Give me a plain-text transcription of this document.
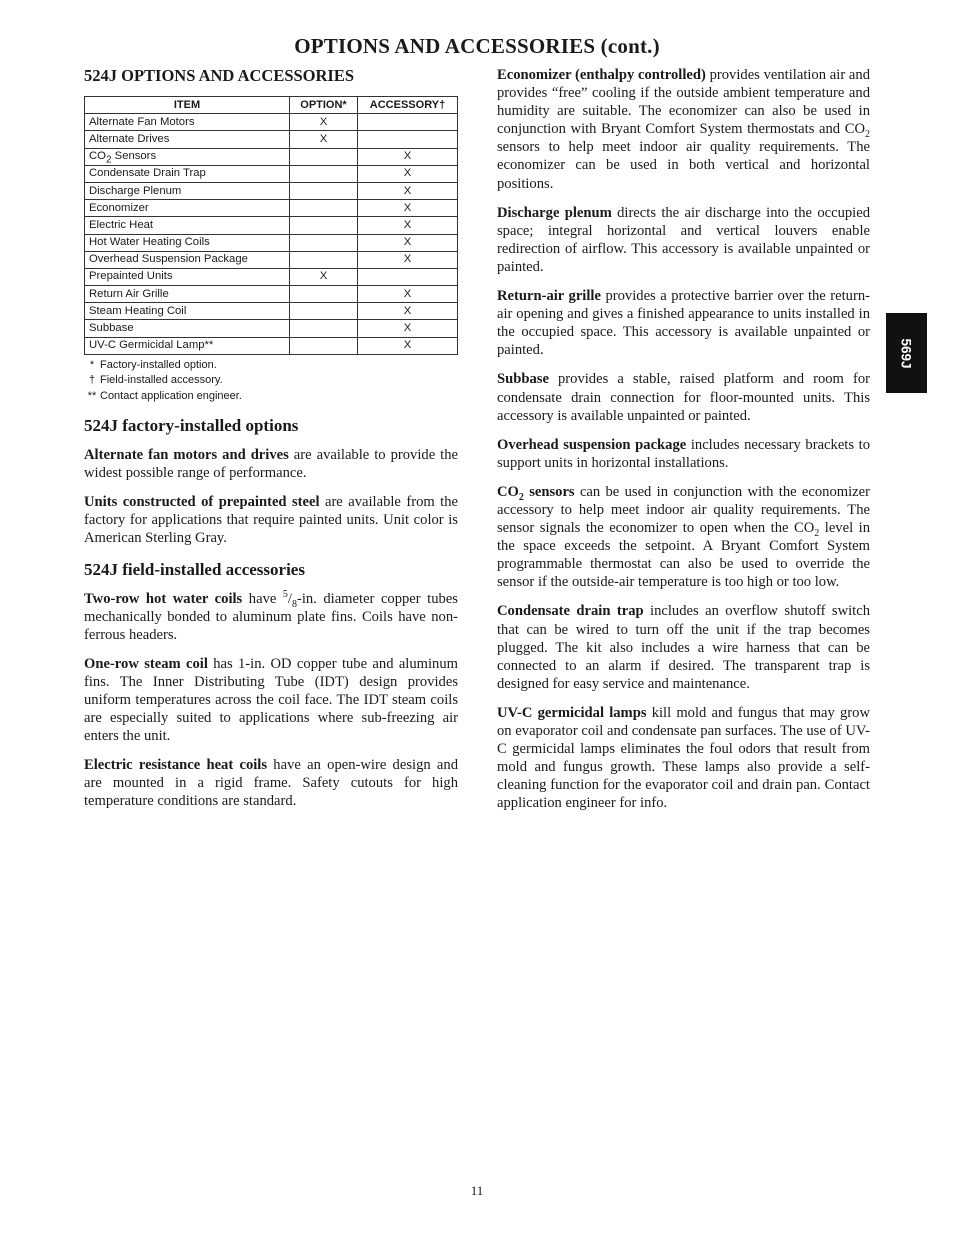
OPTIONS AND ACCESSORIES (cont.)
524J OPTIONS AND ACCESSORIES
ITEM	OPTION*	ACCESSORY†
Alternate Fan Motors	X	
Alternate Drives	X	
$CO_2$ Sensors		X
Condensate Drain Trap		X
Discharge Plenum		X
Economizer		X
Electric Heat		X
Hot Water Heating Coils		X
Overhead Suspension Package		X
Prepainted Units	X	
Return Air Grille		X
Steam Heating Coil		X
Subbase		X
UV-C Germicidal Lamp**		X
* Factory-installed option.
† Field-installed accessory.
** Contact application engineer.
524J factory-installed options

Alternate fan motors and drives are available to provide the widest possible range of performance.

Units constructed of prepainted steel are available from the factory for applications that require painted units. Unit color is American Sterling Gray.

524J field-installed accessories

Two-row hot water coils have $^5/_8-in$. diameter copper tubes mechanically bonded to aluminum plate fins. Coils have non-ferrous headers.

One-row steam coil has 1-in. OD copper tube and aluminum fins. The Inner Distributing Tube (IDT) design provides uniform temperatures across the coil face. The IDT steam coils are especially suited to applications where sub-freezing air enters the unit.

Electric resistance heat coils have an open-wire design and are mounted in a rigid frame. Safety cutouts for high temperature conditions are standard.

Economizer (enthalpy controlled) provides ventilation air and provides “free” cooling if the outside ambient temperature and humidity are suitable. The economizer can also be used in conjunction with Bryant Comfort System thermostats and $CO_2$ sensors to help meet indoor air quality requirements. The economizer can be used in both vertical and horizontal positions.

Discharge plenum directs the air discharge into the occupied space; integral horizontal and vertical louvers enable redirection of airflow. This accessory is available unpainted or painted.

Return-air grille provides a protective barrier over the return-air opening and gives a finished appearance to units installed in the occupied space. This accessory is available unpainted or painted.

Subbase provides a stable, raised platform and room for condensate drain connection for floor-mounted units. This accessory is available unpainted or painted.

Overhead suspension package includes necessary brackets to support units in horizontal installations.

$CO_2$ sensors can be used in conjunction with the economizer accessory to help meet indoor air quality requirements. The sensor signals the economizer to open when the $CO_2$ level in the space exceeds the setpoint. A Bryant Comfort System programmable thermostat can also be used to override the sensor if the outside-air temperature is too high or too low.

Condensate drain trap includes an overflow shutoff switch that can be wired to turn off the unit if the trap becomes plugged. The kit also includes a wire harness that can be connected to an alarm if desired. The transparent trap is designed for easy service and maintenance.

UV-C germicidal lamps kill mold and fungus that may grow on evaporator coil and condensate pan surfaces. The use of UV-C germicidal lamps eliminates the foul odors that result from mold and fungus growth. These lamps also provide a self-cleaning function for the evaporator coil and drain pan. Contact application engineer for info.

569J
11
